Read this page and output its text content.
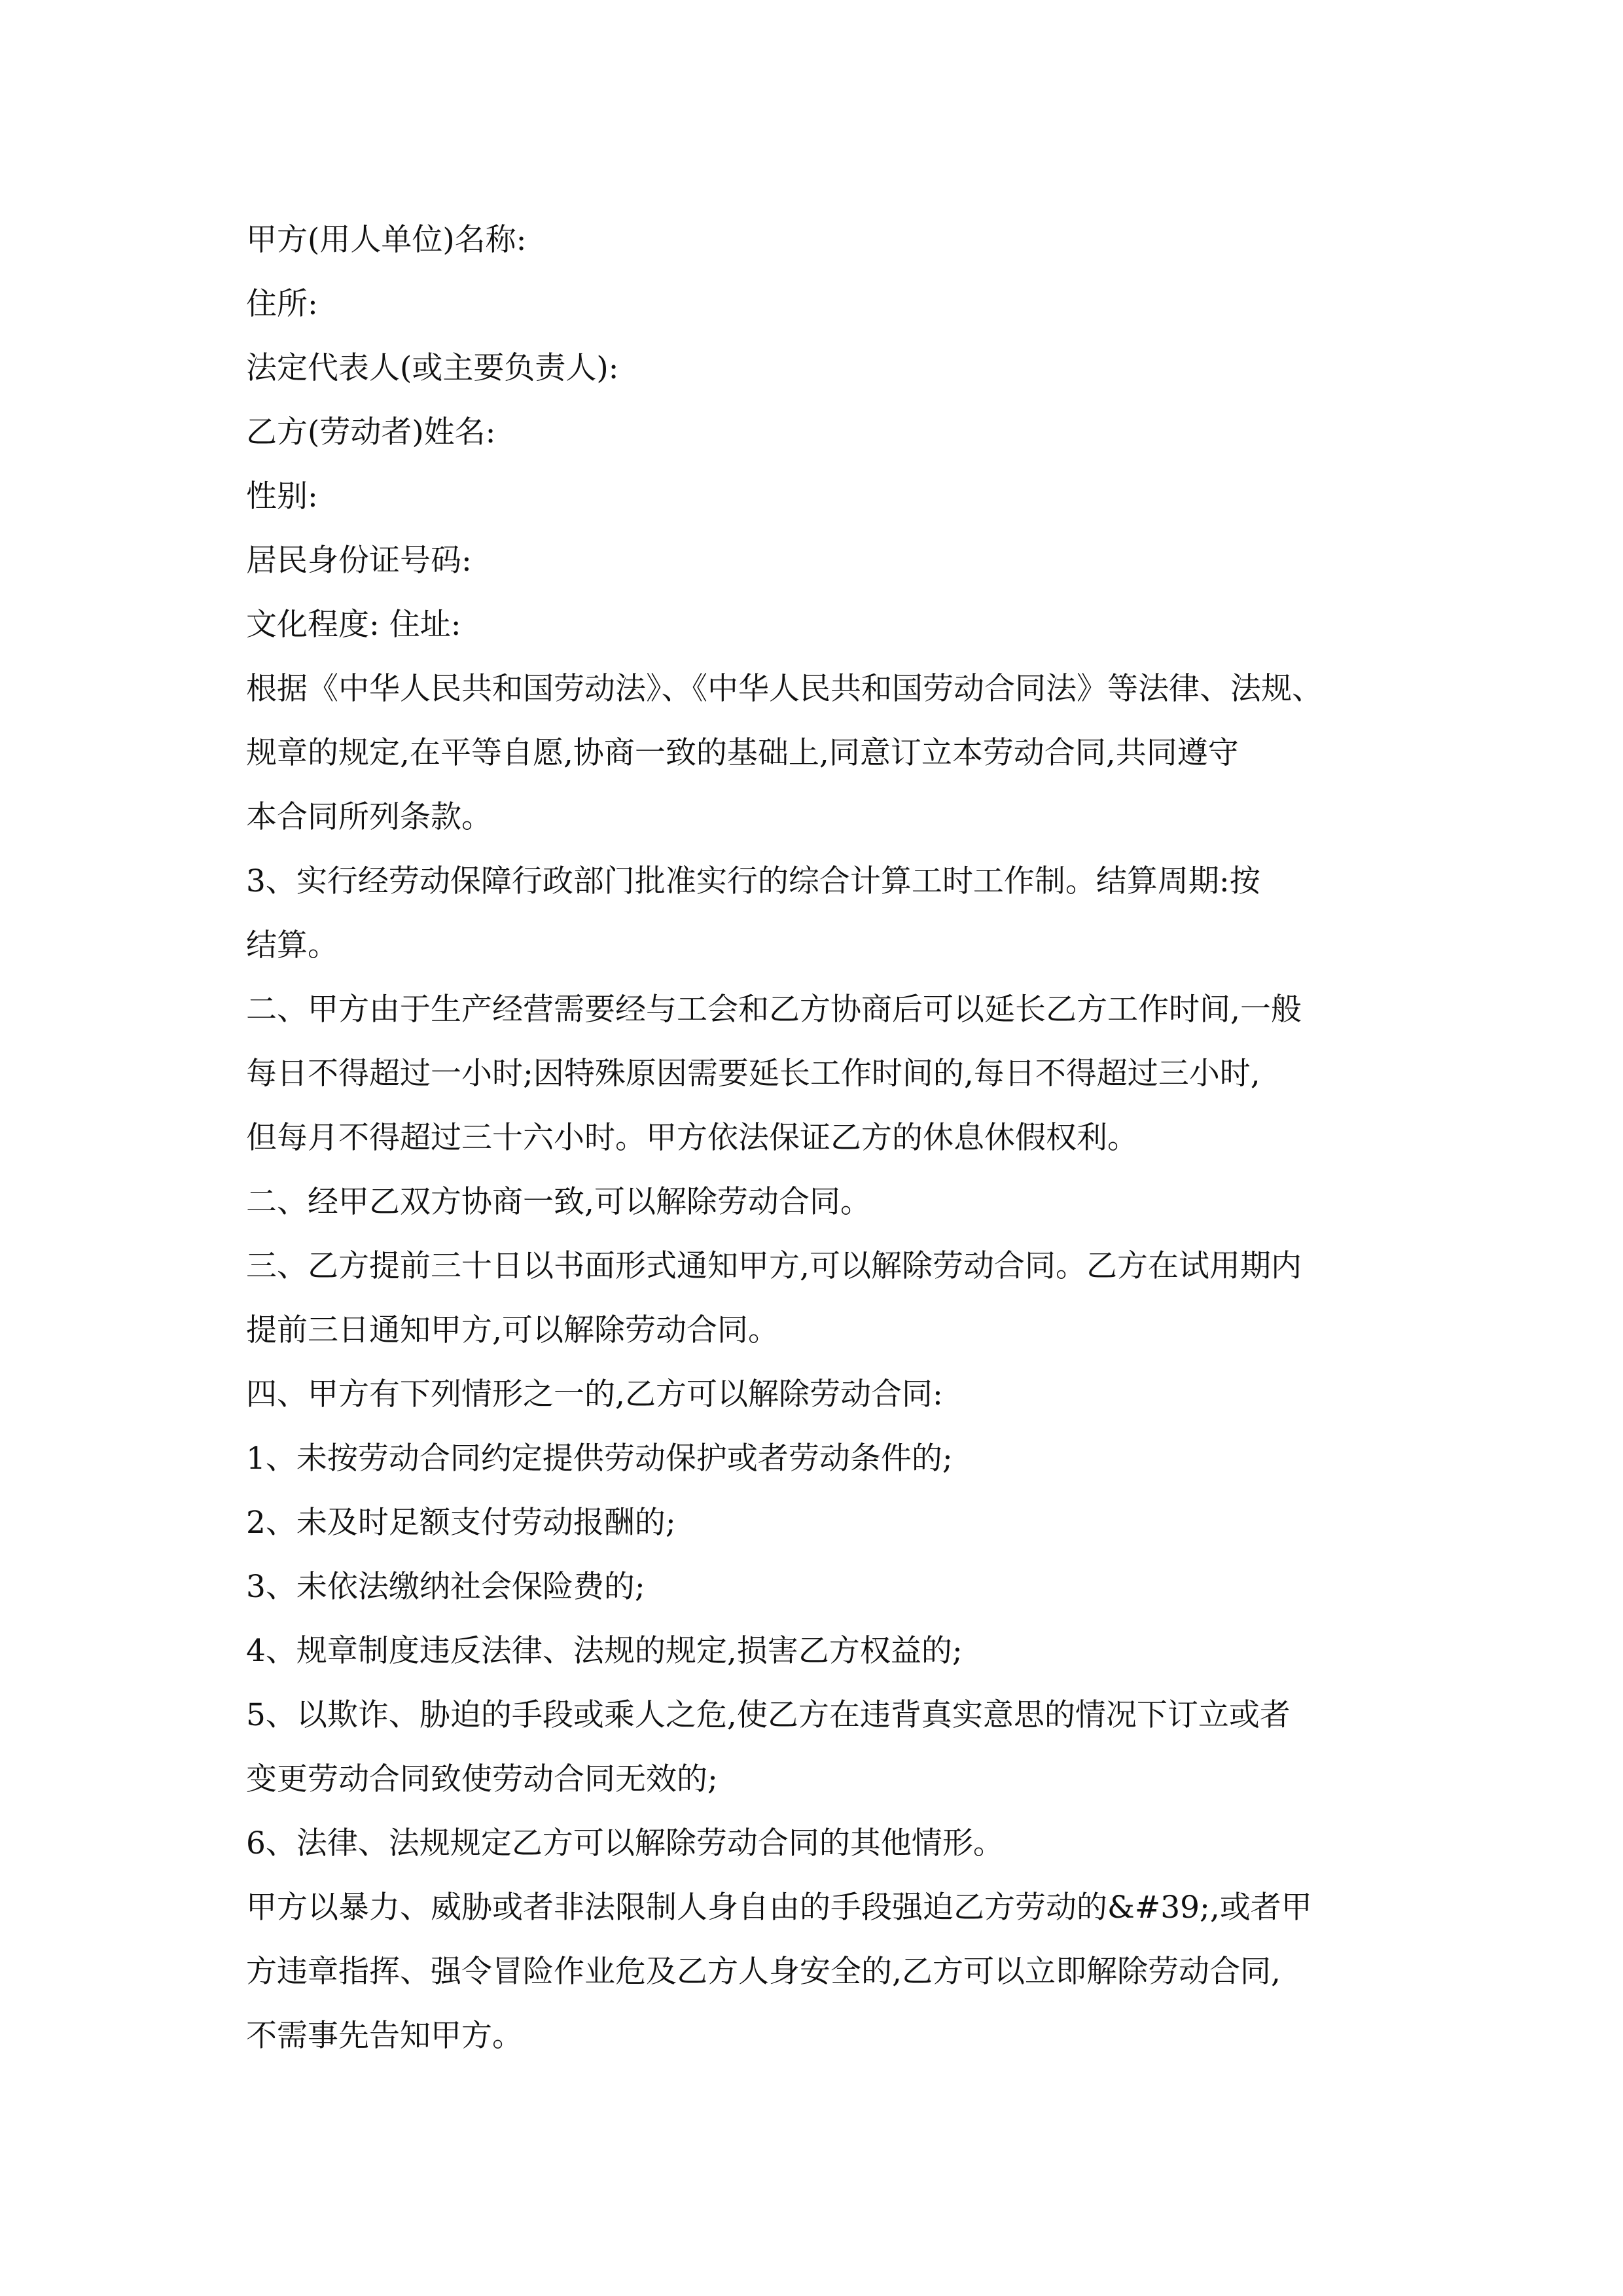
甲方(用人单位)名称:
住所:
法定代表人(或主要负责人):
乙方(劳动者)姓名:
性别:
居民身份证号码:
文化程度: 住址:
根据《中华人民共和国劳动法》、《中华人民共和国劳动合同法》等法律、法规、
规章的规定,在平等自愿,协商一致的基础上,同意订立本劳动合同,共同遵守
本合同所列条款。
3、实行经劳动保障行政部门批准实行的综合计算工时工作制。结算周期:按
结算。
二、甲方由于生产经营需要经与工会和乙方协商后可以延长乙方工作时间,一般
每日不得超过一小时;因特殊原因需要延长工作时间的,每日不得超过三小时,
但每月不得超过三十六小时。甲方依法保证乙方的休息休假权利。
二、经甲乙双方协商一致,可以解除劳动合同。
三、乙方提前三十日以书面形式通知甲方,可以解除劳动合同。乙方在试用期内
提前三日通知甲方,可以解除劳动合同。
四、甲方有下列情形之一的,乙方可以解除劳动合同:
1、未按劳动合同约定提供劳动保护或者劳动条件的;
2、未及时足额支付劳动报酬的;
3、未依法缴纳社会保险费的;
4、规章制度违反法律、法规的规定,损害乙方权益的;
5、以欺诈、胁迫的手段或乘人之危,使乙方在违背真实意思的情况下订立或者
变更劳动合同致使劳动合同无效的;
6、法律、法规规定乙方可以解除劳动合同的其他情形。
甲方以暴力、威胁或者非法限制人身自由的手段强迫乙方劳动的&#39;,或者甲
方违章指挥、强令冒险作业危及乙方人身安全的,乙方可以立即解除劳动合同,
不需事先告知甲方。
